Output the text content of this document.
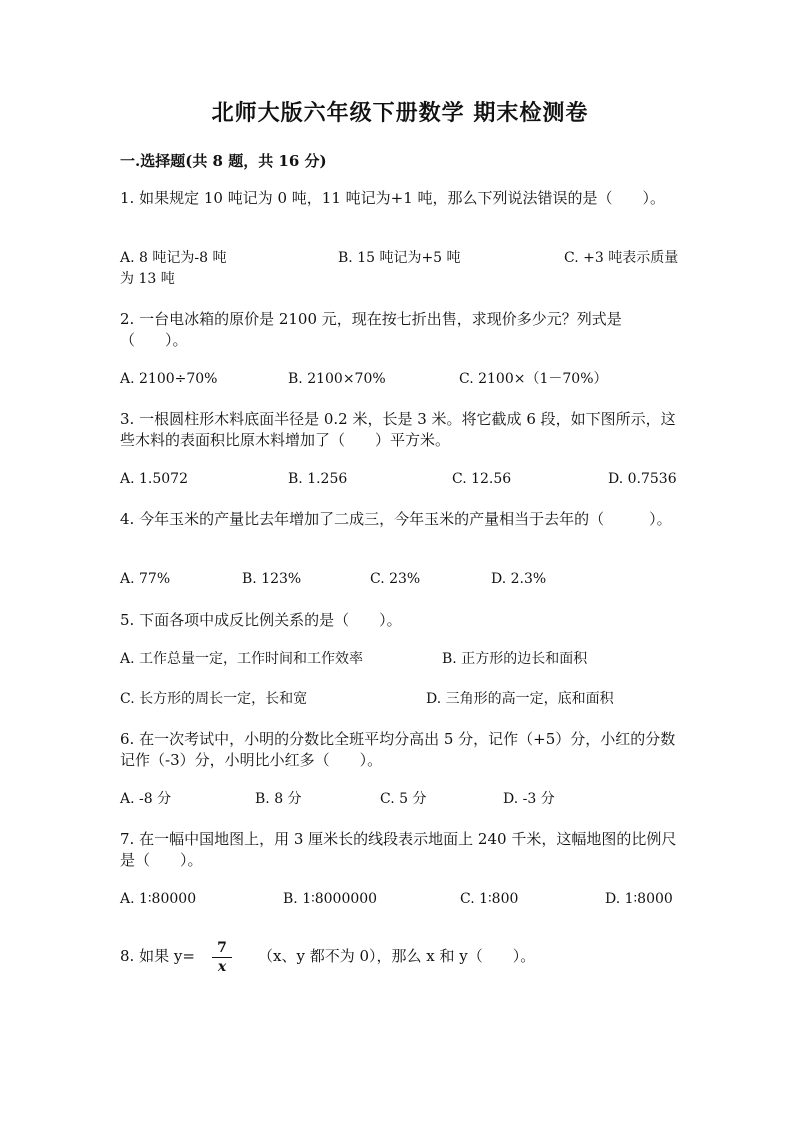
北师大版六年级下册数学 期末检测卷
一.选择题(共 8 题，共 16 分)
1. 如果规定 10 吨记为 0 吨，11 吨记为+1 吨，那么下列说法错误的是（　　）。
A. 8 吨记为-8 吨	B. 15 吨记为+5 吨	C. +3 吨表示质量为 13 吨
2. 一台电冰箱的原价是 2100 元，现在按七折出售，求现价多少元？列式是（　　）。
A. 2100÷70%	B. 2100×70%	C. 2100×（1－70%）
3. 一根圆柱形木料底面半径是 0.2 米，长是 3 米。将它截成 6 段，如下图所示，这些木料的表面积比原木料增加了（　　）平方米。
A. 1.5072	B. 1.256	C. 12.56	D. 0.7536
4. 今年玉米的产量比去年增加了二成三，今年玉米的产量相当于去年的（　　　）。
A. 77%	B. 123%	C. 23%	D. 2.3%
5. 下面各项中成反比例关系的是（　　）。
A. 工作总量一定，工作时间和工作效率	B. 正方形的边长和面积
C. 长方形的周长一定，长和宽	D. 三角形的高一定，底和面积
6. 在一次考试中，小明的分数比全班平均分高出 5 分，记作（+5）分，小红的分数记作（-3）分，小明比小红多（　　）。
A. -8 分	B. 8 分	C. 5 分	D. -3 分
7. 在一幅中国地图上，用 3 厘米长的线段表示地面上 240 千米，这幅地图的比例尺是（　　）。
A. 1∶80000	B. 1∶8000000	C. 1∶800	D. 1∶8000
8. 如果 y=	7
x
（x、y 都不为 0），那么 x 和 y（　　）。
